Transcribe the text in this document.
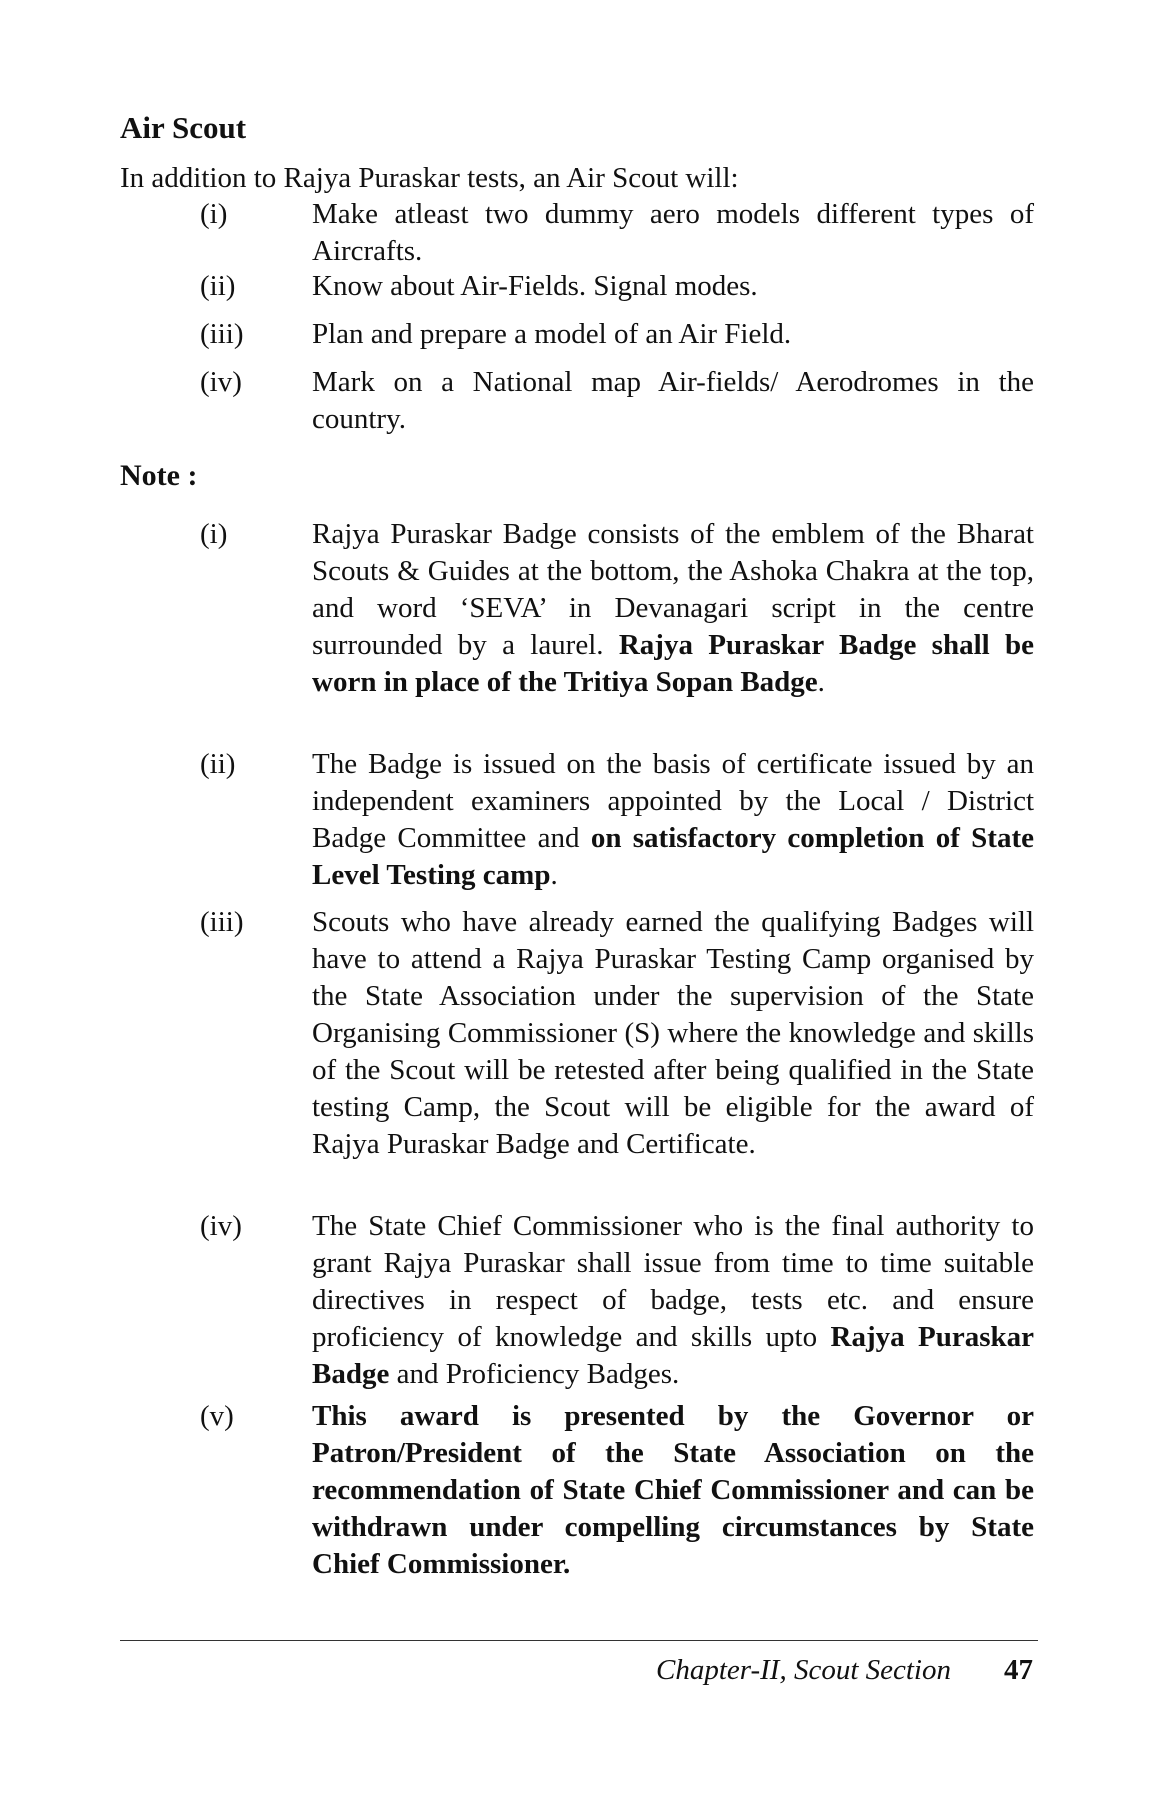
Air Scout
In addition to Rajya Puraskar tests, an Air Scout will:
(i)	Make atleast two dummy aero models different types of Aircrafts.
(ii)	Know about Air-Fields. Signal modes.
(iii) Plan and prepare a model of an Air Field.
(iv) Mark on a National map Air-fields/ Aerodromes in the country.
Note :
(i)	Rajya Puraskar Badge consists of the emblem of the Bharat Scouts & Guides at the bottom, the Ashoka Chakra at the top, and word ‘SEVA’ in Devanagari script in the centre surrounded by a laurel. Rajya Puraskar Badge shall be worn in place of the Tritiya Sopan Badge.
(ii)	The Badge is issued on the basis of certificate issued by an independent examiners appointed by the Local / District Badge Committee and on satisfactory completion of State Level Testing camp.
(iii) Scouts who have already earned the qualifying Badges will have to attend a Rajya Puraskar Testing Camp organised by the State Association under the supervision of the State Organising Commissioner (S) where the knowledge and skills of the Scout will be retested after being qualified in the State testing Camp, the Scout will be eligible for the award of Rajya Puraskar Badge and Certificate.
(iv) The State Chief Commissioner who is the final authority to grant Rajya Puraskar shall issue from time to time suitable directives in respect of badge, tests etc. and ensure proficiency of knowledge and skills upto Rajya Puraskar Badge and Proficiency Badges.
(v)	This award is presented by the Governor or Patron/President of the State Association on the recommendation of State Chief Commissioner and can be withdrawn under compelling circumstances by State Chief Commissioner.
Chapter-II, Scout Section 47
